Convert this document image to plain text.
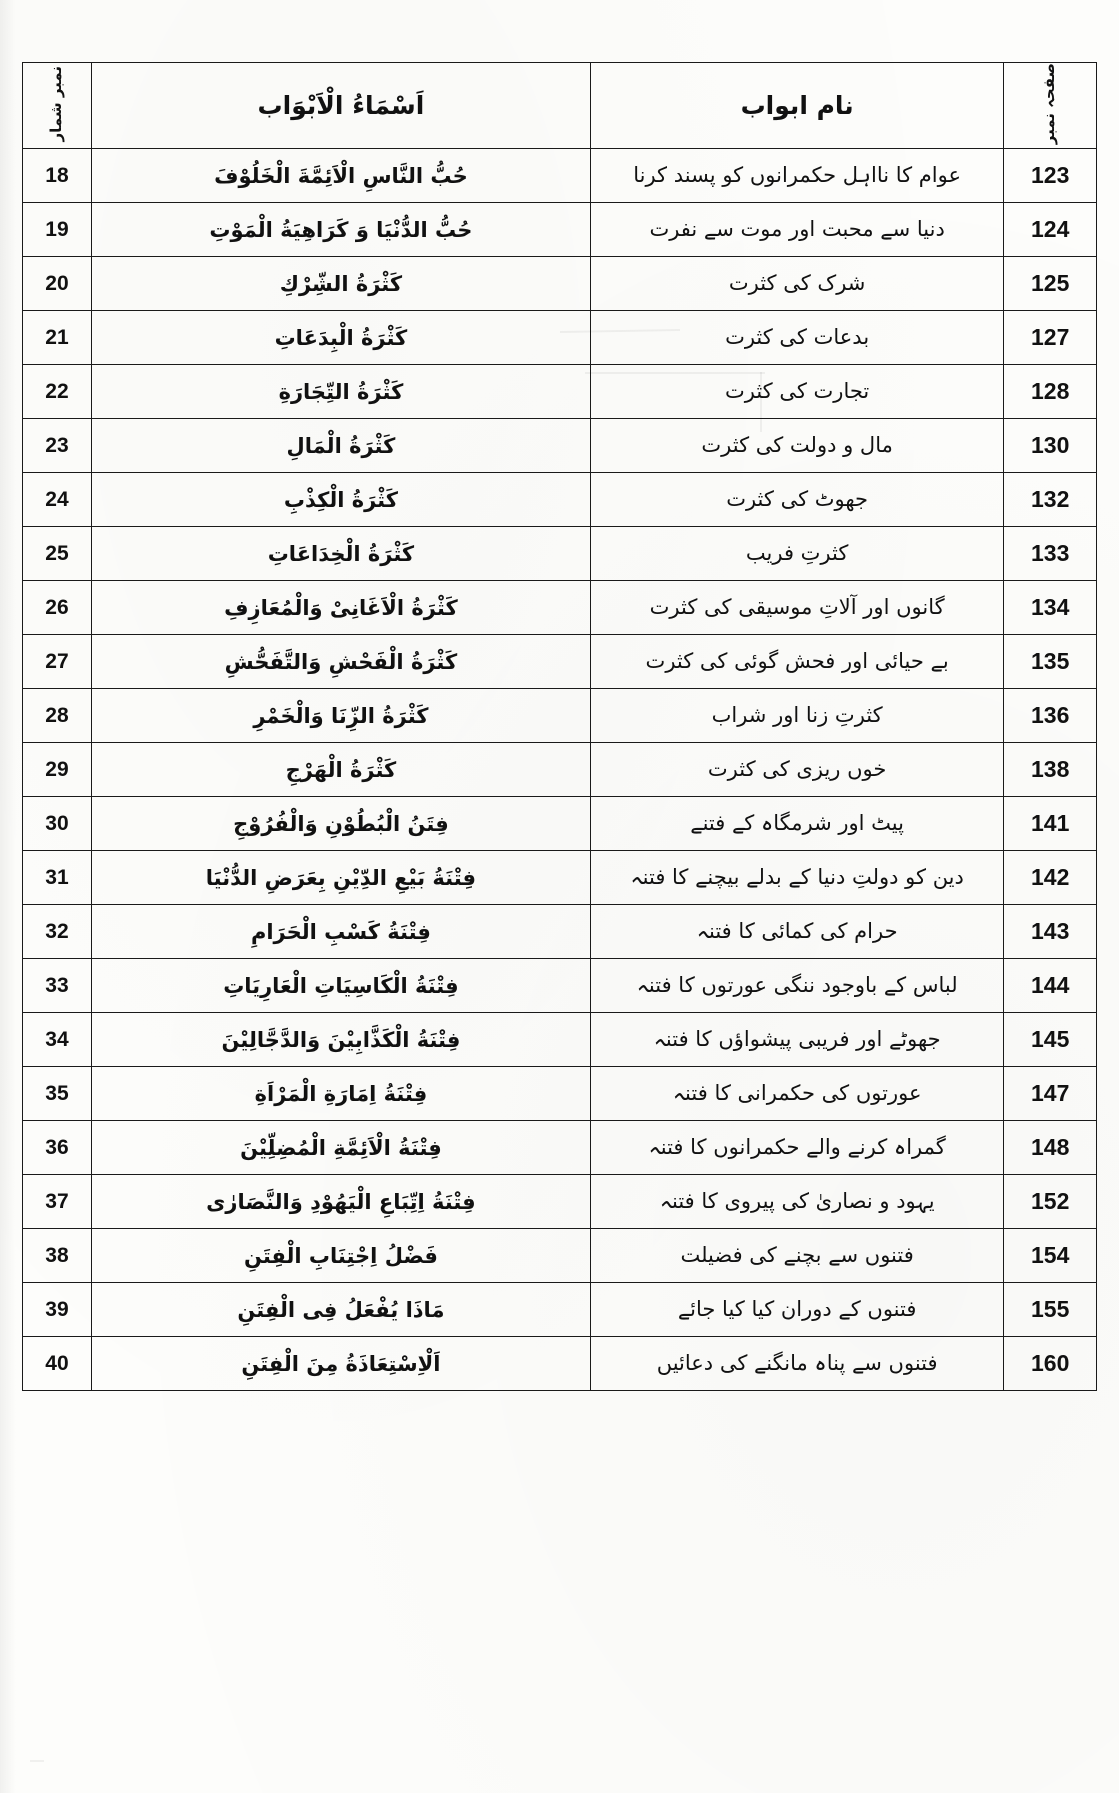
صفحہ نمبر	نام ابواب	اَسْمَاءُ الْاَبْوَاب	نمبر شمار
123	عوام کا نااہل حکمرانوں کو پسند کرنا	حُبُّ النَّاسِ الْاَئِمَّةَ الْخَلُوْفَ	18
124	دنیا سے محبت اور موت سے نفرت	حُبُّ الدُّنْيَا وَ كَرَاهِيَةُ الْمَوْتِ	19
125	شرک کی کثرت	كَثْرَةُ الشِّرْكِ	20
127	بدعات کی کثرت	كَثْرَةُ الْبِدَعَاتِ	21
128	تجارت کی کثرت	كَثْرَةُ التِّجَارَةِ	22
130	مال و دولت کی کثرت	كَثْرَةُ الْمَالِ	23
132	جھوٹ کی کثرت	كَثْرَةُ الْكِذْبِ	24
133	کثرتِ فریب	كَثْرَةُ الْخِدَاعَاتِ	25
134	گانوں اور آلاتِ موسیقی کی کثرت	كَثْرَةُ الْاَغَانِىْ وَالْمُعَازِفِ	26
135	بے حیائی اور فحش گوئی کی کثرت	كَثْرَةُ الْفَحْشِ وَالتَّفَحُّشِ	27
136	کثرتِ زنا اور شراب	كَثْرَةُ الزِّنَا وَالْخَمْرِ	28
138	خوں ریزی کی کثرت	كَثْرَةُ الْهَرْجِ	29
141	پیٹ اور شرمگاہ کے فتنے	فِتَنُ الْبُطُوْنِ وَالْفُرُوْجِ	30
142	دین کو دولتِ دنیا کے بدلے بیچنے کا فتنہ	فِتْنَةُ بَيْعِ الدِّيْنِ بِعَرَضِ الدُّنْيَا	31
143	حرام کی کمائی کا فتنہ	فِتْنَةُ كَسْبِ الْحَرَامِ	32
144	لباس کے باوجود ننگی عورتوں کا فتنہ	فِتْنَةُ الْكَاسِيَاتِ الْعَارِيَاتِ	33
145	جھوٹے اور فریبی پیشواؤں کا فتنہ	فِتْنَةُ الْكَذَّابِيْنَ وَالدَّجَّالِيْنَ	34
147	عورتوں کی حکمرانی کا فتنہ	فِتْنَةُ اِمَارَةِ الْمَرْاَةِ	35
148	گمراہ کرنے والے حکمرانوں کا فتنہ	فِتْنَةُ الْاَئِمَّةِ الْمُضِلِّيْنَ	36
152	یہود و نصاریٰ کی پیروی کا فتنہ	فِتْنَةُ اِتِّبَاعِ الْيَهُوْدِ وَالنَّصَارٰى	37
154	فتنوں سے بچنے کی فضیلت	فَضْلُ اِجْتِنَابِ الْفِتَنِ	38
155	فتنوں کے دوران کیا کیا جائے	مَاذَا يُفْعَلُ فِى الْفِتَنِ	39
160	فتنوں سے پناہ مانگنے کی دعائیں	اَلْاِسْتِعَاذَةُ مِنَ الْفِتَنِ	40
